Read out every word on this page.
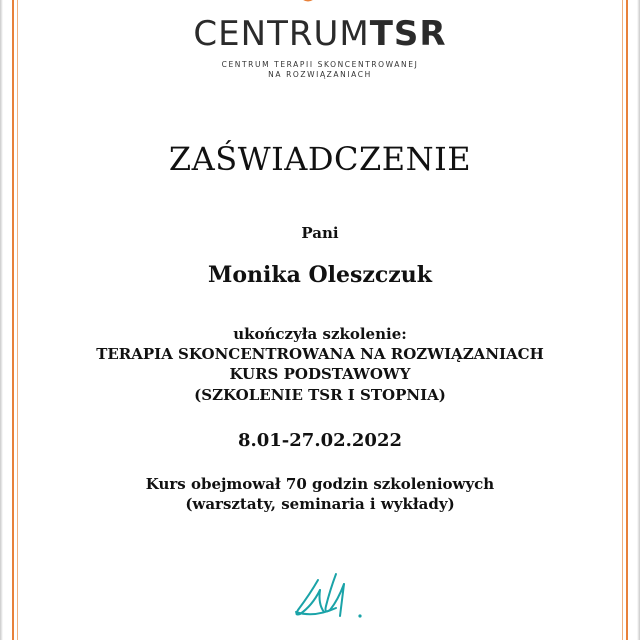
CENTRUMTSR
CENTRUM TERAPII SKONCENTROWANEJ
NA ROZWIĄZANIACH
ZAŚWIADCZENIE
Pani
Monika Oleszczuk
ukończyła szkolenie:
TERAPIA SKONCENTROWANA NA ROZWIĄZANIACH
KURS PODSTAWOWY
(SZKOLENIE TSR I STOPNIA)
8.01-27.02.2022
Kurs obejmował 70 godzin szkoleniowych
(warsztaty, seminaria i wykłady)
